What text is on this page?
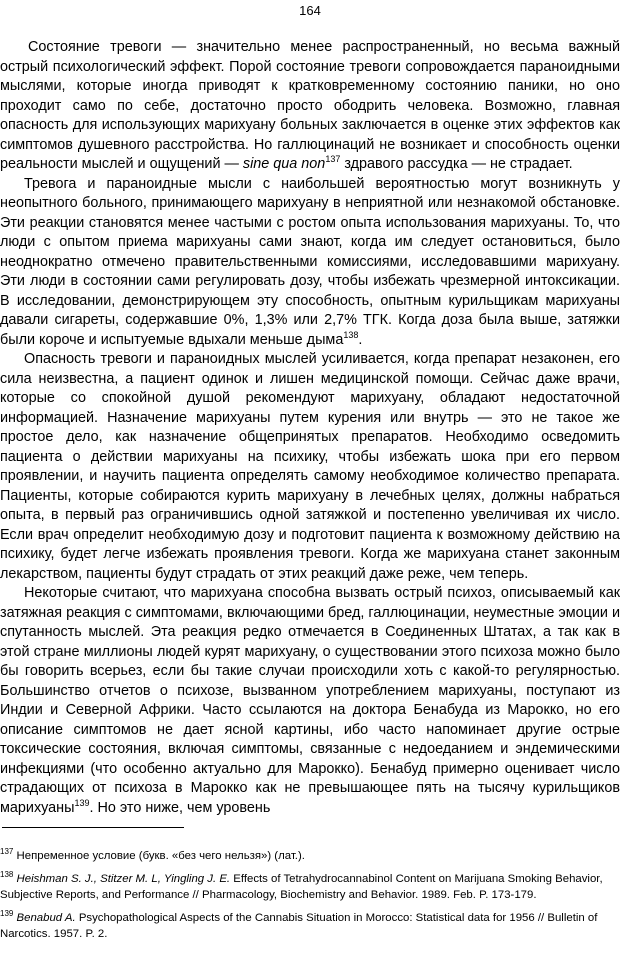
164

Состояние тревоги — значительно менее распространенный, но весьма важный острый психологический эффект. Порой состояние тревоги сопровождается параноидными мыслями, которые иногда приводят к кратковременному состоянию паники, но оно проходит само по себе, достаточно просто ободрить человека. Возможно, главная опасность для использующих марихуану больных заключается в оценке этих эффектов как симптомов душевного расстройства. Но галлюцинаций не возникает и способность оценки реальности мыслей и ощущений — sine qua non$^{137}$ здравого рассудка — не страдает.

Тревога и параноидные мысли с наибольшей вероятностью могут возникнуть у неопытного больного, принимающего марихуану в неприятной или незнакомой обстановке. Эти реакции становятся менее частыми с ростом опыта использования марихуаны. То, что люди с опытом приема марихуаны сами знают, когда им следует остановиться, было неоднократно отмечено правительственными комиссиями, исследовавшими марихуану. Эти люди в состоянии сами регулировать дозу, чтобы избежать чрезмерной интоксикации. В исследовании, демонстрирующем эту способность, опытным курильщикам марихуаны давали сигареты, содержавшие 0%, 1,3% или 2,7% ТГК. Когда доза была выше, затяжки были короче и испытуемые вдыхали меньше дыма$^{138}$.

Опасность тревоги и параноидных мыслей усиливается, когда препарат незаконен, его сила неизвестна, а пациент одинок и лишен медицинской помощи. Сейчас даже врачи, которые со спокойной душой рекомендуют марихуану, обладают недостаточной информацией. Назначение марихуаны путем курения или внутрь — это не такое же простое дело, как назначение общепринятых препаратов. Необходимо осведомить пациента о действии марихуаны на психику, чтобы избежать шока при его первом проявлении, и научить пациента определять самому необходимое количество препарата. Пациенты, которые собираются курить марихуану в лечебных целях, должны набраться опыта, в первый раз ограничившись одной затяжкой и постепенно увеличивая их число. Если врач определит необходимую дозу и подготовит пациента к возможному действию на психику, будет легче избежать проявления тревоги. Когда же марихуана станет законным лекарством, пациенты будут страдать от этих реакций даже реже, чем теперь.

Некоторые считают, что марихуана способна вызвать острый психоз, описываемый как затяжная реакция с симптомами, включающими бред, галлюцинации, неуместные эмоции и спутанность мыслей. Эта реакция редко отмечается в Соединенных Штатах, а так как в этой стране миллионы людей курят марихуану, о существовании этого психоза можно было бы говорить всерьез, если бы такие случаи происходили хоть с какой-то регулярностью. Большинство отчетов о психозе, вызванном употреблением марихуаны, поступают из Индии и Северной Африки. Часто ссылаются на доктора Бенабуда из Марокко, но его описание симптомов не дает ясной картины, ибо часто напоминает другие острые токсические состояния, включая симптомы, связанные с недоеданием и эндемическими инфекциями (что особенно актуально для Марокко). Бенабуд примерно оценивает число страдающих от психоза в Марокко как не превышающее пять на тысячу курильщиков марихуаны$^{139}$. Но это ниже, чем уровень

$^{137}$ Непременное условие (букв. «без чего нельзя») (лат.).
$^{138}$ Heishman S. J., Stitzer M. L, Yingling J. E. Effects of Tetrahydrocannabinol Content on Marijuana Smoking Behavior, Subjective Reports, and Performance // Pharmacology, Biochemistry and Behavior. 1989. Feb. P. 173-179.
$^{139}$ Benabud A. Psychopathological Aspects of the Cannabis Situation in Morocco: Statistical data for 1956 // Bulletin of Narcotics. 1957. P. 2.
